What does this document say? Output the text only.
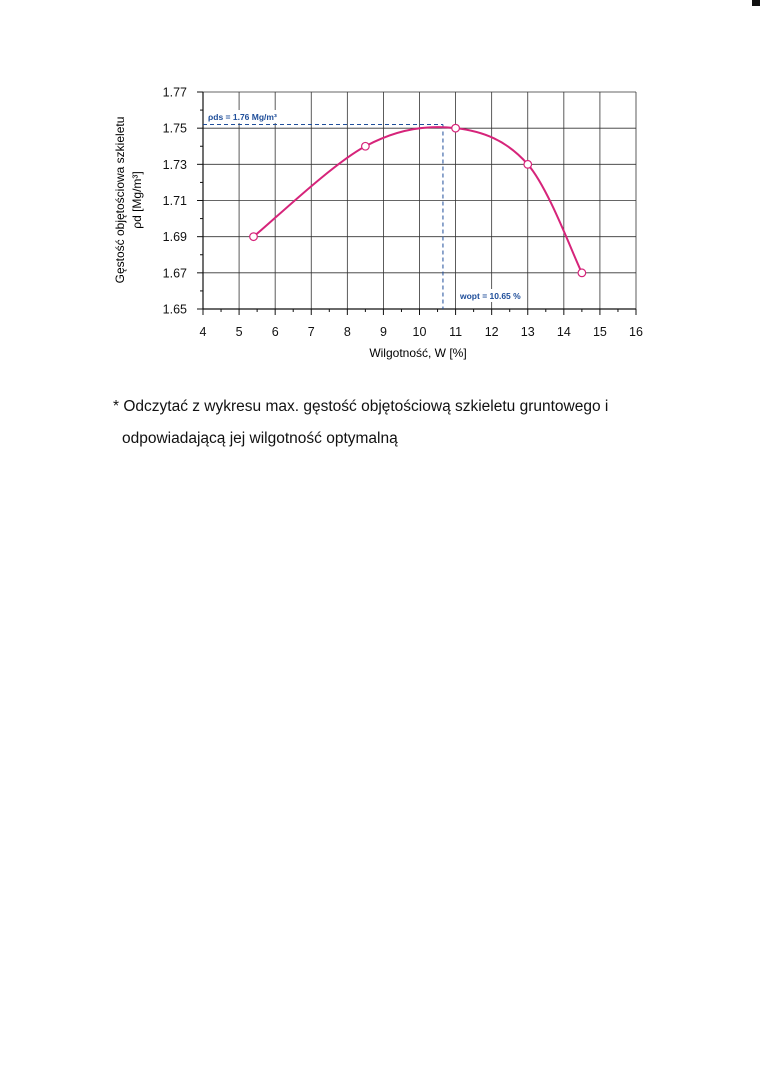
4 5 6 7 8 9 10 11 12 13 14 15 16
1.65
1.67
1.69
1.71
1.73
1.75
1.77
Wilgotność, W [%]
Gęstość objętościowa szkieletu ρd [Mg/m³]
ρds = 1.76 Mg/m³
wopt = 10.65 %
* Odczytać z wykresu max. gęstość objętościową szkieletu gruntowego i
odpowiadającą jej wilgotność optymalną
